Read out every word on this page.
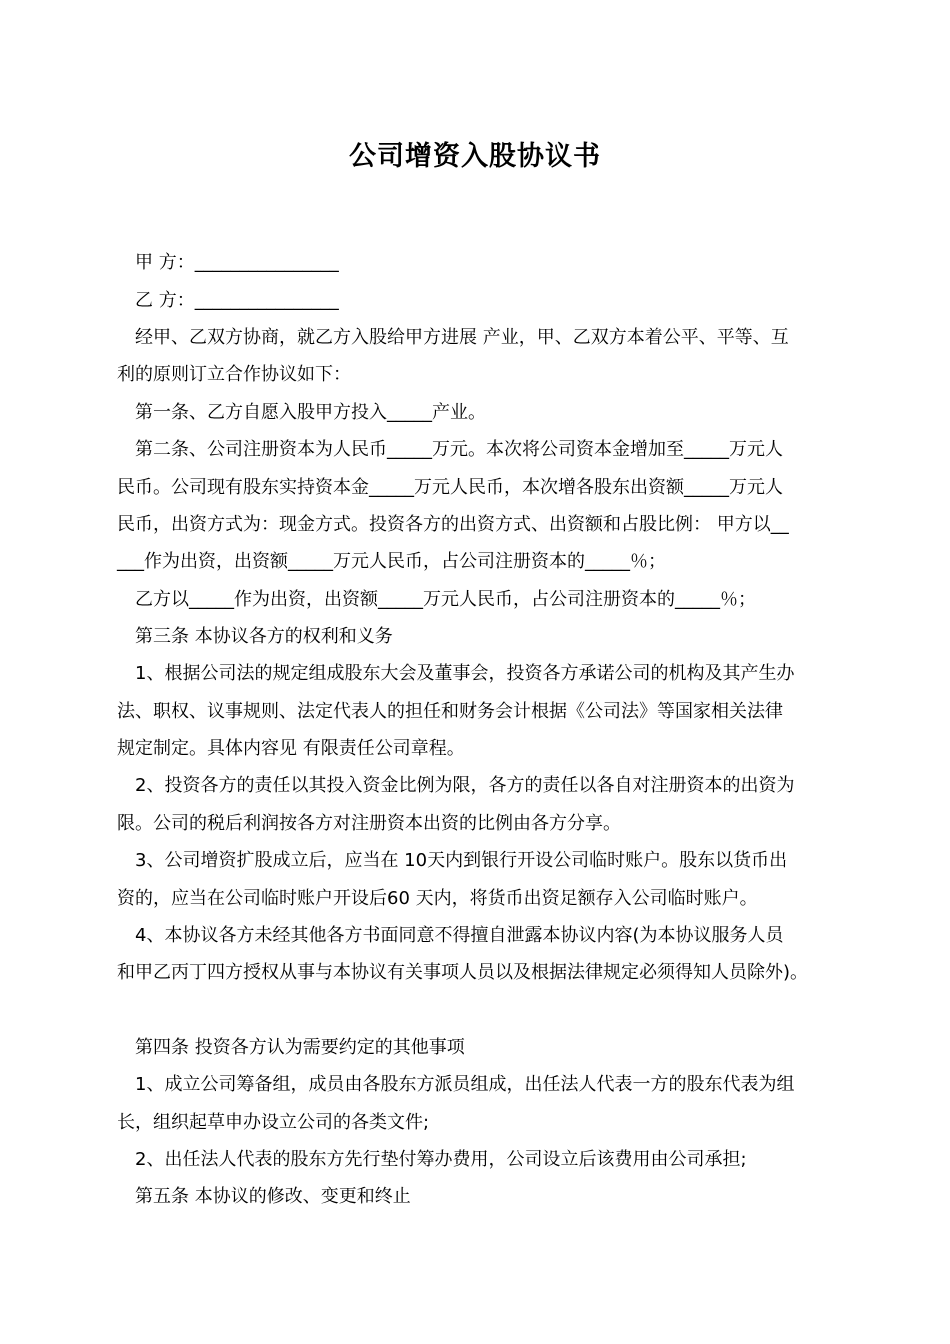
公司增资入股协议书
甲 方：________________
乙 方：________________
经甲、乙双方协商，就乙方入股给甲方进展 产业，甲、乙双方本着公平、平等、互
利的原则订立合作协议如下：
第一条、乙方自愿入股甲方投入_____产业。
第二条、公司注册资本为人民币_____万元。本次将公司资本金增加至_____万元人
民币。公司现有股东实持资本金_____万元人民币，本次增各股东出资额_____万元人
民币，出资方式为：现金方式。投资各方的出资方式、出资额和占股比例： 甲方以__
___作为出资，出资额_____万元人民币，占公司注册资本的_____％；
乙方以_____作为出资，出资额_____万元人民币，占公司注册资本的_____％；
第三条 本协议各方的权利和义务
1、根据公司法的规定组成股东大会及董事会，投资各方承诺公司的机构及其产生办
法、职权、议事规则、法定代表人的担任和财务会计根据《公司法》等国家相关法律
规定制定。具体内容见 有限责任公司章程。
2、投资各方的责任以其投入资金比例为限，各方的责任以各自对注册资本的出资为
限。公司的税后利润按各方对注册资本出资的比例由各方分享。
3、公司增资扩股成立后，应当在 10天内到银行开设公司临时账户。股东以货币出
资的，应当在公司临时账户开设后60 天内，将货币出资足额存入公司临时账户。
4、本协议各方未经其他各方书面同意不得擅自泄露本协议内容(为本协议服务人员
和甲乙丙丁四方授权从事与本协议有关事项人员以及根据法律规定必须得知人员除外)。
第四条 投资各方认为需要约定的其他事项
1、成立公司筹备组，成员由各股东方派员组成，出任法人代表一方的股东代表为组
长，组织起草申办设立公司的各类文件;
2、出任法人代表的股东方先行垫付筹办费用，公司设立后该费用由公司承担;
第五条 本协议的修改、变更和终止
